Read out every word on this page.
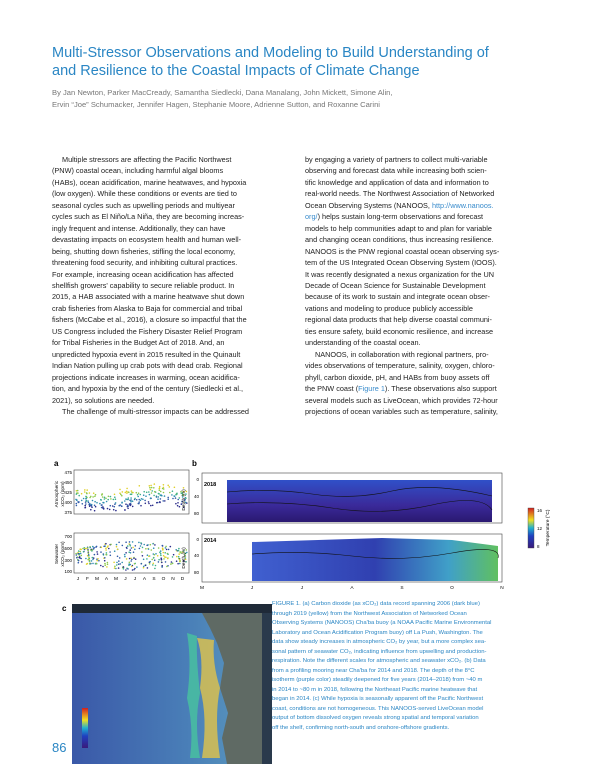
Multi-Stressor Observations and Modeling to Build Understanding of
and Resilience to the Coastal Impacts of Climate Change
By Jan Newton, Parker MacCready, Samantha Siedlecki, Dana Manalang, John Mickett, Simone Alin,
Ervin “Joe” Schumacker, Jennifer Hagen, Stephanie Moore, Adrienne Sutton, and Roxanne Carini
Multiple stressors are affecting the Pacific Northwest
(PNW) coastal ocean, including harmful algal blooms
(HABs), ocean acidification, marine heatwaves, and hypoxia
(low oxygen). While these conditions or events are tied to
seasonal cycles such as upwelling periods and multiyear
cycles such as El Niño/La Niña, they are becoming increas-
ingly frequent and intense. Additionally, they can have
devastating impacts on ecosystem health and human well-
being, shutting down fisheries, stifling the local economy,
threatening food security, and inhibiting cultural practices.
For example, increasing ocean acidification has affected
shellfish growers' capability to secure reliable product. In
2015, a HAB associated with a marine heatwave shut down
crab fisheries from Alaska to Baja for commercial and tribal
fishers (McCabe et al., 2016), a closure so impactful that the
US Congress included the Fishery Disaster Relief Program
for Tribal Fisheries in the Budget Act of 2018. And, an
unpredicted hypoxia event in 2015 resulted in the Quinault
Indian Nation pulling up crab pots with dead crab. Regional
projections indicate increases in warming, ocean acidifica-
tion, and hypoxia by the end of the century (Siedlecki et al.,
2021), so solutions are needed.
The challenge of multi-stressor impacts can be addressed
by engaging a variety of partners to collect multi-variable
observing and forecast data while increasing both scien-
tific knowledge and application of data and information to
real-world needs. The Northwest Association of Networked
Ocean Observing Systems (NANOOS, http://www.nanoos.
org/) helps sustain long-term observations and forecast
models to help communities adapt to and plan for variable
and changing ocean conditions, thus increasing resilience.
NANOOS is the PNW regional coastal ocean observing sys-
tem of the US Integrated Ocean Observing System (IOOS).
It was recently designated a nexus organization for the UN
Decade of Ocean Science for Sustainable Development
because of its work to sustain and integrate ocean obser-
vations and modeling to produce publicly accessible
regional data products that help diverse coastal communi-
ties ensure safety, build economic resilience, and increase
understanding of the coastal ocean.
NANOOS, in collaboration with regional partners, pro-
vides observations of temperature, salinity, oxygen, chloro-
phyll, carbon dioxide, pH, and HABs from buoy assets off
the PNW coast (Figure 1). These observations also support
several models such as LiveOcean, which provides 72-hour
projections of ocean variables such as temperature, salinity,
a
Atmospheric xCO₂ (ppm)
475
450
425
400
375
Seawater xCO₂ (ppm)
700
500
300
100
J F M A M J J A S O N D
b
2018
Depth (m)
0
40
80
2014
Depth (m)
0
40
80
M	J	J	A	S	O	N
16
12
8
Temperature (°C)
c	FIGURE 1. (a) Carbon dioxide (as xCO₂) data record spanning 2006 (dark blue)
through 2019 (yellow) from the Northwest Association of Networked Ocean
Observing Systems (NANOOS) Cha'ba buoy (a NOAA Pacific Marine Environmental
Laboratory and Ocean Acidification Program buoy) off La Push, Washington. The
data show steady increases in atmospheric CO₂ by year, but a more complex sea-
sonal pattern of seawater CO₂, indicating influence from upwelling and production-
respiration. Note the different scales for atmospheric and seawater xCO₂. (b) Data
from a profiling mooring near Cha'ba for 2014 and 2018. The depth of the 8°C
isotherm (purple color) steadily deepened for five years (2014–2018) from ~40 m
in 2014 to ~80 m in 2018, following the Northeast Pacific marine heatwave that
began in 2014. (c) While hypoxia is seasonally apparent off the Pacific Northwest
coast, conditions are not homogeneous. This NANOOS-served LiveOcean model
output of bottom dissolved oxygen reveals strong spatial and temporal variation
off the shelf, confirming north-south and onshore-offshore gradients.
86
